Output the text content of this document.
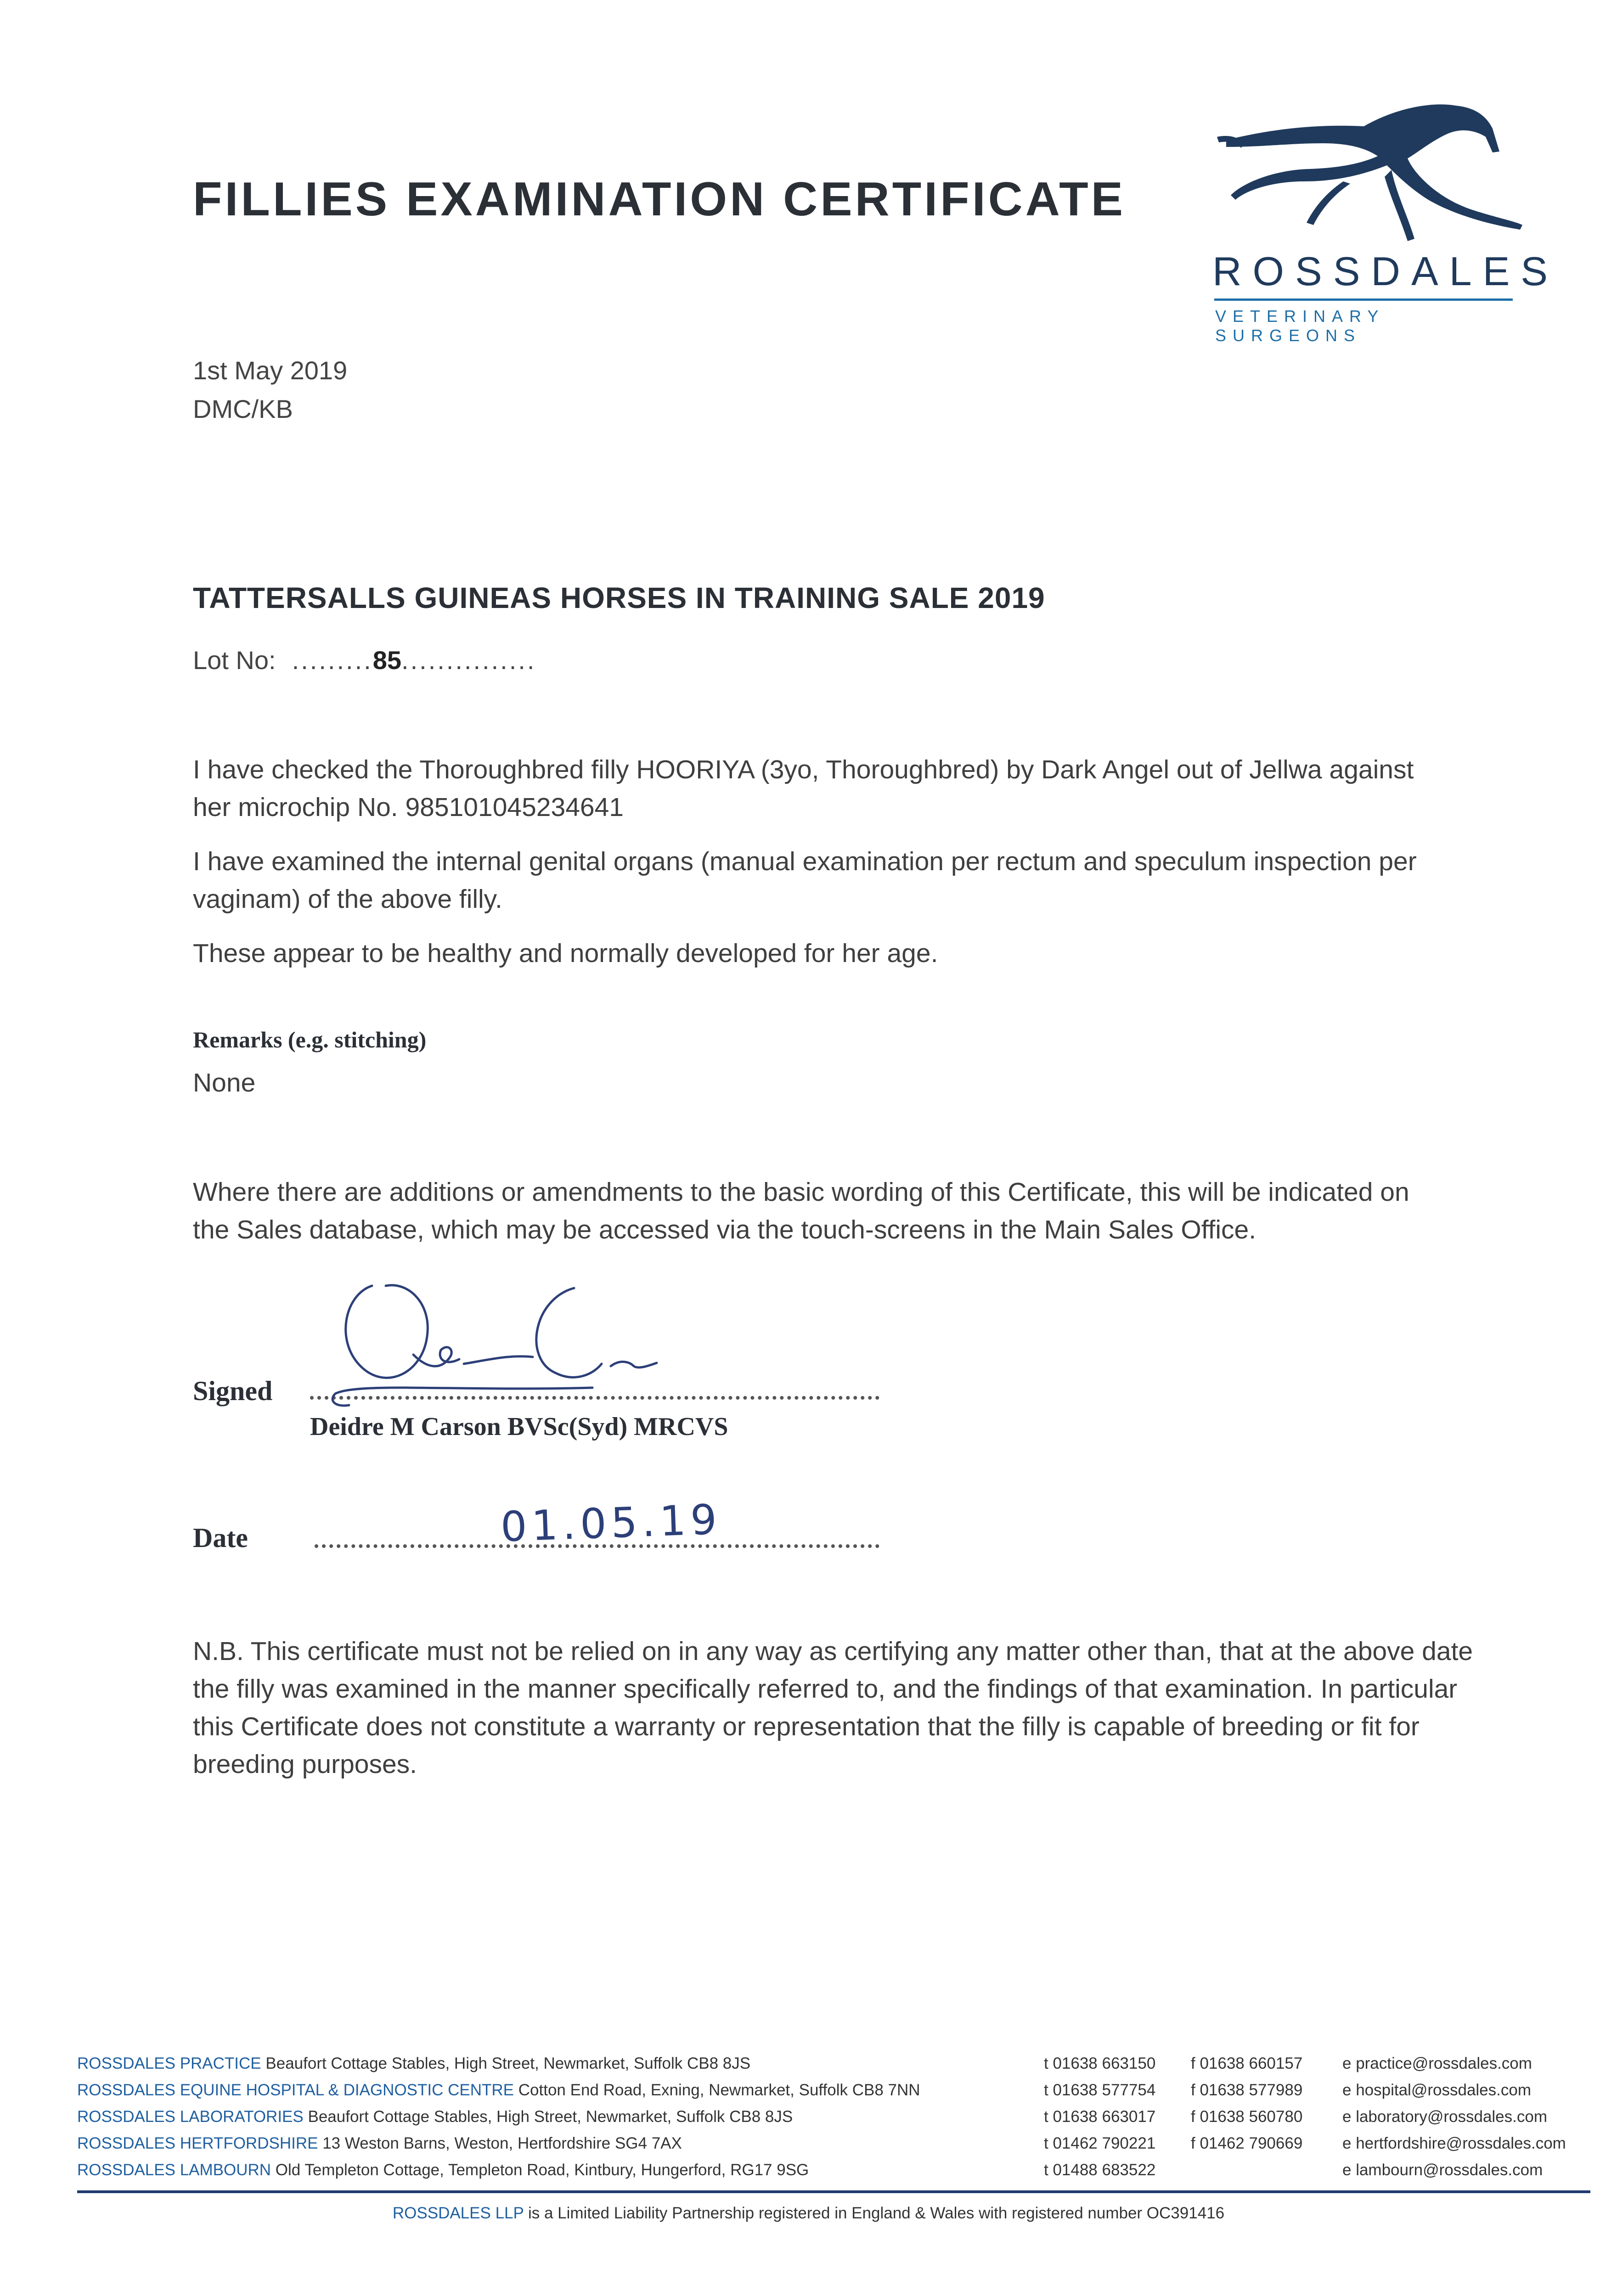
FILLIES EXAMINATION CERTIFICATE
ROSSDALES
VETERINARY SURGEONS
1st May 2019
DMC/KB
TATTERSALLS GUINEAS HORSES IN TRAINING SALE 2019
Lot No:  .........85...............

I have checked the Thoroughbred filly HOORIYA (3yo, Thoroughbred) by Dark Angel out of Jellwa against her microchip No. 985101045234641

I have examined the internal genital organs (manual examination per rectum and speculum inspection per vaginam) of the above filly.

These appear to be healthy and normally developed for her age.

Remarks (e.g. stitching)
None

Where there are additions or amendments to the basic wording of this Certificate, this will be indicated on the Sales database, which may be accessed via the touch-screens in the Main Sales Office.

Signed
Deidre M Carson BVSc(Syd) MRCVS
Date	01.05.19

N.B. This certificate must not be relied on in any way as certifying any matter other than, that at the above date the filly was examined in the manner specifically referred to, and the findings of that examination. In particular this Certificate does not constitute a warranty or representation that the filly is capable of breeding or fit for breeding purposes.

ROSSDALES PRACTICE Beaufort Cottage Stables, High Street, Newmarket, Suffolk CB8 8JS	t 01638 663150 f 01638 660157 e practice@rossdales.com
ROSSDALES EQUINE HOSPITAL & DIAGNOSTIC CENTRE Cotton End Road, Exning, Newmarket, Suffolk CB8 7NN	t 01638 577754 f 01638 577989 e hospital@rossdales.com
ROSSDALES LABORATORIES Beaufort Cottage Stables, High Street, Newmarket, Suffolk CB8 8JS	t 01638 663017 f 01638 560780 e laboratory@rossdales.com
ROSSDALES HERTFORDSHIRE 13 Weston Barns, Weston, Hertfordshire SG4 7AX	t 01462 790221 f 01462 790669 e hertfordshire@rossdales.com
ROSSDALES LAMBOURN Old Templeton Cottage, Templeton Road, Kintbury, Hungerford, RG17 9SG	t 01488 683522	e lambourn@rossdales.com
ROSSDALES LLP is a Limited Liability Partnership registered in England & Wales with registered number OC391416
